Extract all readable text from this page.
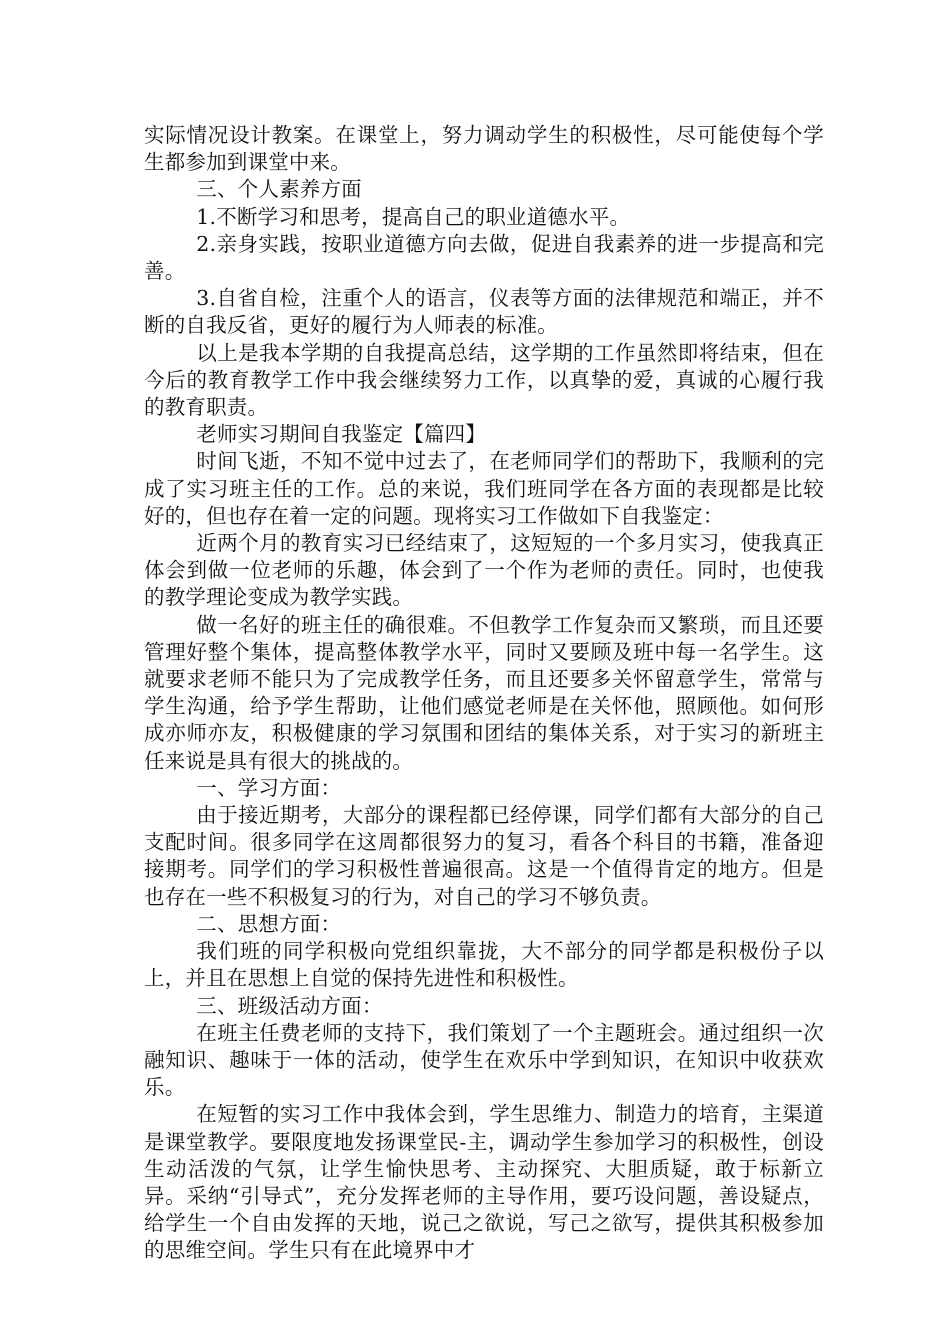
实际情况设计教案。在课堂上，努力调动学生的积极性，尽可能使每个学生都参加到课堂中来。

三、个人素养方面

1.不断学习和思考，提高自己的职业道德水平。

2.亲身实践，按职业道德方向去做，促进自我素养的进一步提高和完善。

3.自省自检，注重个人的语言，仪表等方面的法律规范和端正，并不断的自我反省，更好的履行为人师表的标准。

以上是我本学期的自我提高总结，这学期的工作虽然即将结束，但在今后的教育教学工作中我会继续努力工作，以真挚的爱，真诚的心履行我的教育职责。

老师实习期间自我鉴定【篇四】

时间飞逝，不知不觉中过去了，在老师同学们的帮助下，我顺利的完成了实习班主任的工作。总的来说，我们班同学在各方面的表现都是比较好的，但也存在着一定的问题。现将实习工作做如下自我鉴定：

近两个月的教育实习已经结束了，这短短的一个多月实习，使我真正体会到做一位老师的乐趣，体会到了一个作为老师的责任。同时，也使我的教学理论变成为教学实践。

做一名好的班主任的确很难。不但教学工作复杂而又繁琐，而且还要管理好整个集体，提高整体教学水平，同时又要顾及班中每一名学生。这就要求老师不能只为了完成教学任务，而且还要多关怀留意学生，常常与学生沟通，给予学生帮助，让他们感觉老师是在关怀他，照顾他。如何形成亦师亦友，积极健康的学习氛围和团结的集体关系，对于实习的新班主任来说是具有很大的挑战的。

一、学习方面：

由于接近期考，大部分的课程都已经停课，同学们都有大部分的自己支配时间。很多同学在这周都很努力的复习，看各个科目的书籍，准备迎接期考。同学们的学习积极性普遍很高。这是一个值得肯定的地方。但是也存在一些不积极复习的行为，对自己的学习不够负责。

二、思想方面：

我们班的同学积极向党组织靠拢，大不部分的同学都是积极份子以上，并且在思想上自觉的保持先进性和积极性。

三、班级活动方面：

在班主任费老师的支持下，我们策划了一个主题班会。通过组织一次融知识、趣味于一体的活动，使学生在欢乐中学到知识，在知识中收获欢乐。

在短暂的实习工作中我体会到，学生思维力、制造力的培育，主渠道是课堂教学。要限度地发扬课堂民-主，调动学生参加学习的积极性，创设生动活泼的气氛，让学生愉快思考、主动探究、大胆质疑，敢于标新立异。采纳“引导式”，充分发挥老师的主导作用，要巧设问题，善设疑点，给学生一个自由发挥的天地，说己之欲说，写己之欲写，提供其积极参加的思维空间。学生只有在此境界中才
